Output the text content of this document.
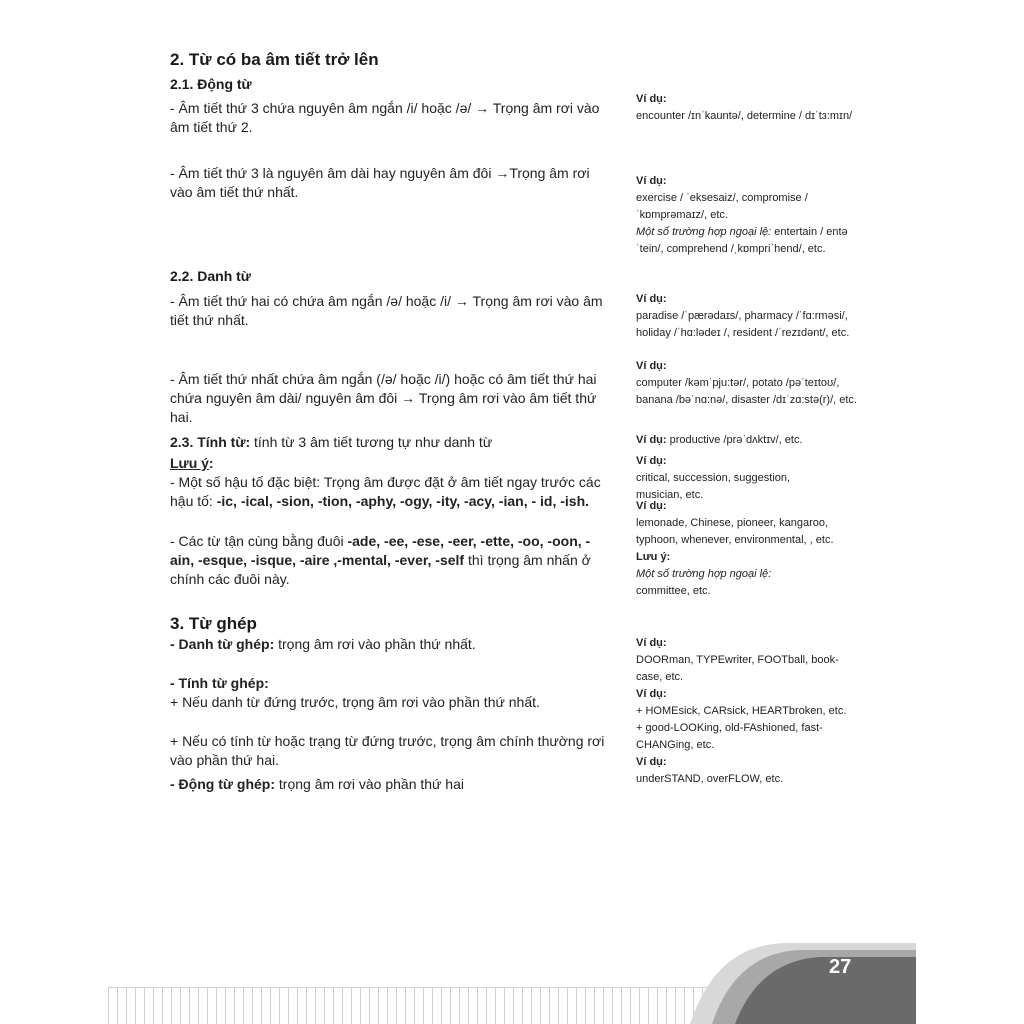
2. Từ có ba âm tiết trở lên
2.1. Động từ
- Âm tiết thứ 3 chứa nguyên âm ngắn /i/ hoặc /ə/ → Trọng âm rơi vào âm tiết thứ 2.
- Âm tiết thứ 3 là nguyên âm dài hay nguyên âm đôi →Trọng âm rơi vào âm tiết thứ nhất.
2.2. Danh từ
- Âm tiết thứ hai có chứa âm ngắn /ə/ hoặc /i/ → Trọng âm rơi vào âm tiết thứ nhất.
- Âm tiết thứ nhất chứa âm ngắn (/ə/ hoặc /i/) hoặc có âm tiết thứ hai chứa nguyên âm dài/ nguyên âm đôi → Trọng âm rơi vào âm tiết thứ hai.
2.3. Tính từ: tính từ 3 âm tiết tương tự như danh từ
Lưu ý:
- Một số hậu tố đặc biệt: Trọng âm được đặt ở âm tiết ngay trước các hậu tố: -ic, -ical, -sion, -tion, -aphy, -ogy, -ity, -acy, -ian, - id, -ish.
- Các từ tận cùng bằng đuôi -ade, -ee, -ese, -eer, -ette, -oo, -oon, -ain, -esque, -isque, -aire ,-mental, -ever, -self thì trọng âm nhấn ở chính các đuôi này.
3. Từ ghép
- Danh từ ghép: trọng âm rơi vào phần thứ nhất.
- Tính từ ghép:
+ Nếu danh từ đứng trước, trọng âm rơi vào phần thứ nhất.
+ Nếu có tính từ hoặc trạng từ đứng trước, trọng âm chính thường rơi vào phần thứ hai.
- Động từ ghép: trọng âm rơi vào phần thứ hai
Ví dụ:
encounter /ɪnˈkauntə/, determine / dɪˈtɜ:mɪn/
Ví dụ:
exercise / ˈeksesaiz/, compromise / ˈkɒmprəmaɪz/, etc.
Một số trường hợp ngoại lệ: entertain / entəˈtein/, comprehend /ˌkɒmpriˈhend/, etc.
Ví dụ:
paradise /ˈpærədaɪs/, pharmacy /ˈfɑ:rməsi/, holiday /ˈhɑ:lədeɪ /, resident /ˈrezɪdənt/, etc.
Ví dụ:
computer /kəmˈpju:tər/, potato /pəˈteɪtoʊ/, banana /bəˈnɑ:nə/, disaster /dɪˈzɑ:stə(r)/, etc.
Ví dụ: productive /prəˈdʌktɪv/, etc.
Ví dụ:
critical, succession, suggestion, musician, etc.
Ví dụ:
lemonade, Chinese, pioneer, kangaroo, typhoon, whenever, environmental, , etc.
Lưu ý:
Một số trường hợp ngoại lệ:
committee, etc.
Ví dụ:
DOORman, TYPEwriter, FOOTball, book-case, etc.
Ví dụ:
+ HOMEsick, CARsick, HEARTbroken, etc.
+ good-LOOKing, old-FAshioned, fast-CHANGing, etc.
Ví dụ:
underSTAND, overFLOW, etc.
27
